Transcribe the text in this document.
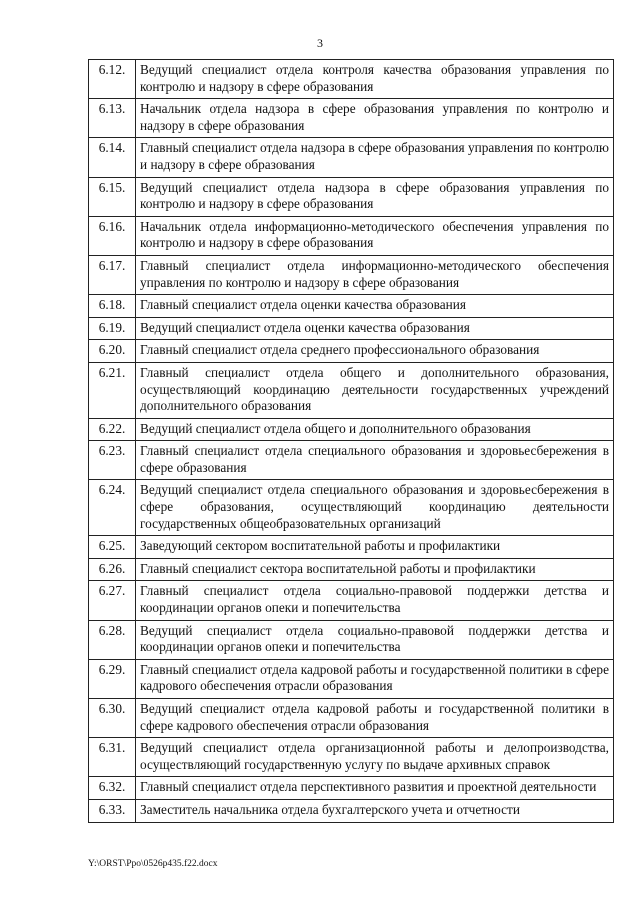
3
6.12.	Ведущий специалист отдела контроля качества образования управления по контролю и надзору в сфере образования
6.13.	Начальник отдела надзора в сфере образования управления по контролю и надзору в сфере образования
6.14.	Главный специалист отдела надзора в сфере образования управления по контролю и надзору в сфере образования
6.15.	Ведущий специалист отдела надзора в сфере образования управления по контролю и надзору в сфере образования
6.16.	Начальник отдела информационно-методического обеспечения управления по контролю и надзору в сфере образования
6.17.	Главный специалист отдела информационно-методического обеспечения управления по контролю и надзору в сфере образования
6.18.	Главный специалист отдела оценки качества образования
6.19.	Ведущий специалист отдела оценки качества образования
6.20.	Главный специалист отдела среднего профессионального образования
6.21.	Главный специалист отдела общего и дополнительного образования, осуществляющий координацию деятельности государственных учреждений дополнительного образования
6.22.	Ведущий специалист отдела общего и дополнительного образования
6.23.	Главный специалист отдела специального образования и здоровьесбережения в сфере образования
6.24.	Ведущий специалист отдела специального образования и здоровьесбережения в сфере образования, осуществляющий координацию деятельности государственных общеобразовательных организаций
6.25.	Заведующий сектором воспитательной работы и профилактики
6.26.	Главный специалист сектора воспитательной работы и профилактики
6.27.	Главный специалист отдела социально-правовой поддержки детства и координации органов опеки и попечительства
6.28.	Ведущий специалист отдела социально-правовой поддержки детства и координации органов опеки и попечительства
6.29.	Главный специалист отдела кадровой работы и государственной политики в сфере кадрового обеспечения отрасли образования
6.30.	Ведущий специалист отдела кадровой работы и государственной политики в сфере кадрового обеспечения отрасли образования
6.31.	Ведущий специалист отдела организационной работы и делопроизводства, осуществляющий государственную услугу по выдаче архивных справок
6.32.	Главный специалист отдела перспективного развития и проектной деятельности
6.33.	Заместитель начальника отдела бухгалтерского учета и отчетности
Y:\ORST\Ppo\0526p435.f22.docx
